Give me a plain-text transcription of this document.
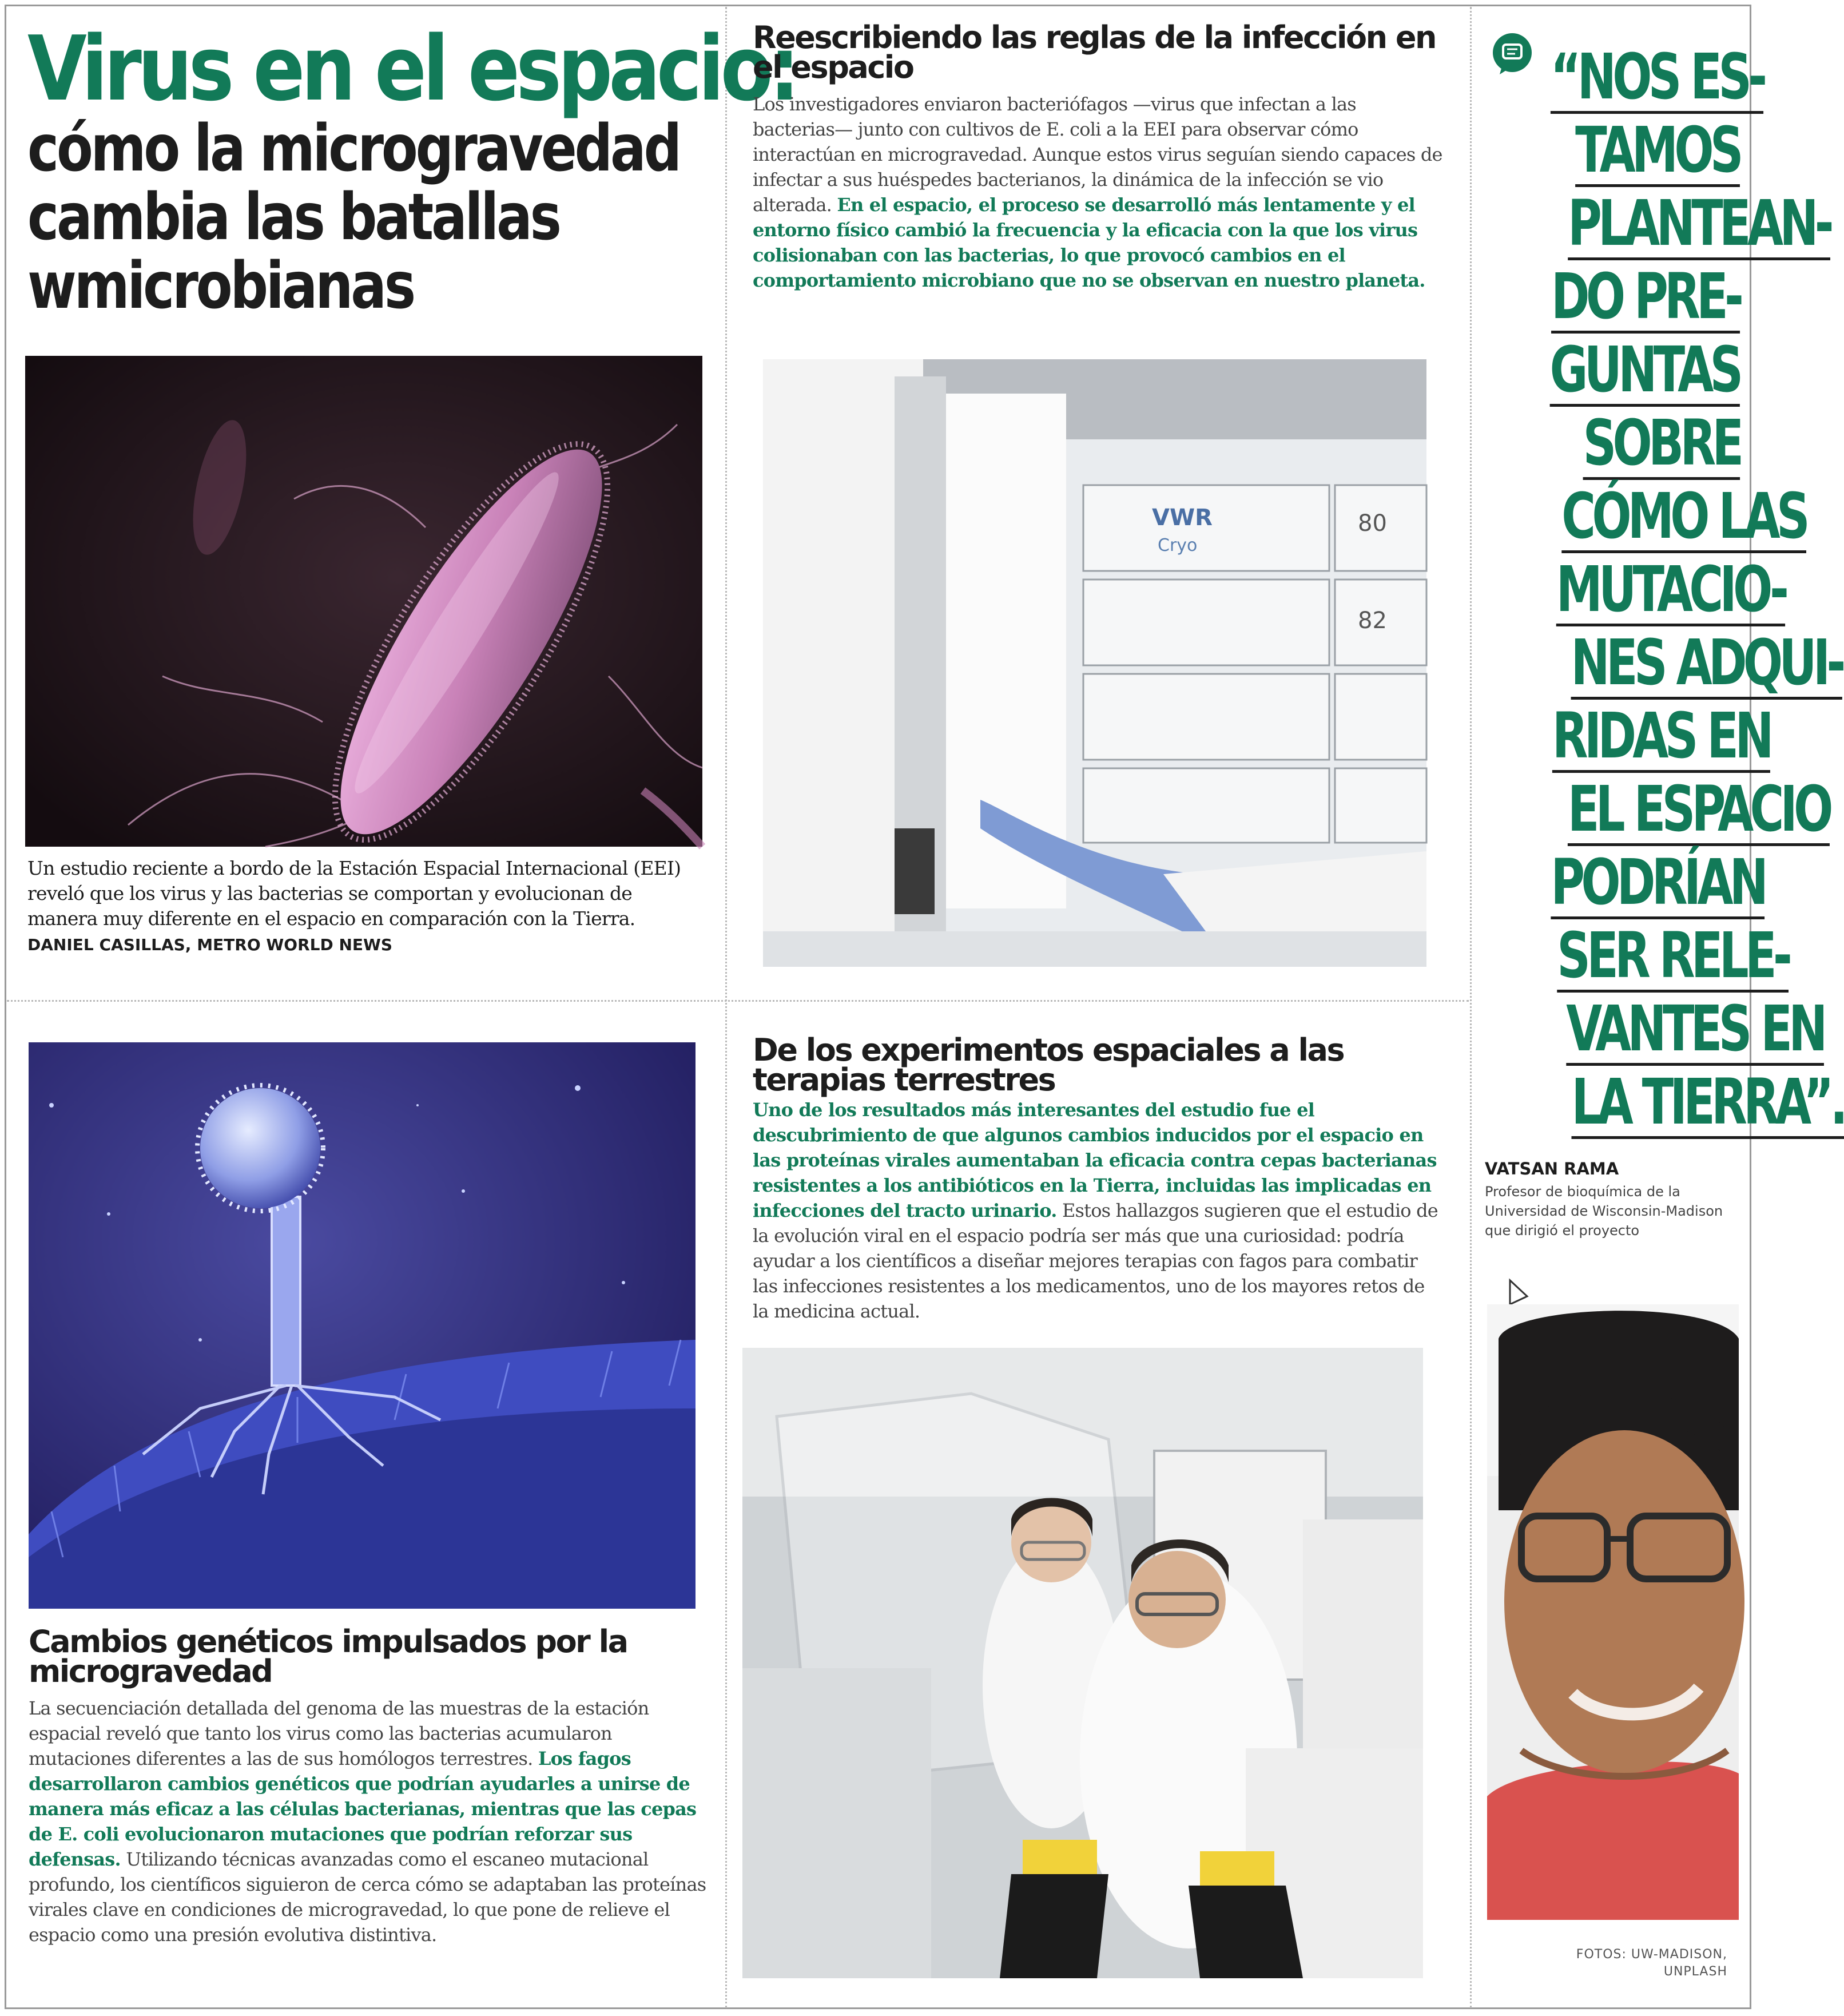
Virus en el espacio:
cómo la microgravedad cambia las batallas wmicrobianas
Un estudio reciente a bordo de la Estación Espacial Internacional (EEI) reveló que los virus y las bacterias se comportan y evolucionan de manera muy diferente en el espacio en comparación con la Tierra. DANIEL CASILLAS, METRO WORLD NEWS
Reescribiendo las reglas de la infección en el espacio
Los investigadores enviaron bacteriófagos —virus que infectan a las bacterias— junto con cultivos de E. coli a la EEI para observar cómo interactúan en microgravedad. Aunque estos virus seguían siendo capaces de infectar a sus huéspedes bacterianos, la dinámica de la infección se vio alterada. En el espacio, el proceso se desarrolló más lentamente y el entorno físico cambió la frecuencia y la eficacia con la que los virus colisionaban con las bacterias, lo que provocó cambios en el comportamiento microbiano que no se observan en nuestro planeta.
VWR
Cryo
80
82
Cambios genéticos impulsados por la microgravedad
La secuenciación detallada del genoma de las muestras de la estación espacial reveló que tanto los virus como las bacterias acumularon mutaciones diferentes a las de sus homólogos terrestres. Los fagos desarrollaron cambios genéticos que podrían ayudarles a unirse de manera más eficaz a las células bacterianas, mientras que las cepas de E. coli evolucionaron mutaciones que podrían reforzar sus defensas. Utilizando técnicas avanzadas como el escaneo mutacional profundo, los científicos siguieron de cerca cómo se adaptaban las proteínas virales clave en condiciones de microgravedad, lo que pone de relieve el espacio como una presión evolutiva distintiva.
De los experimentos espaciales a las terapias terrestres
Uno de los resultados más interesantes del estudio fue el descubrimiento de que algunos cambios inducidos por el espacio en las proteínas virales aumentaban la eficacia contra cepas bacterianas resistentes a los antibióticos en la Tierra, incluidas las implicadas en infecciones del tracto urinario. Estos hallazgos sugieren que el estudio de la evolución viral en el espacio podría ser más que una curiosidad: podría ayudar a los científicos a diseñar mejores terapias con fagos para combatir las infecciones resistentes a los medicamentos, uno de los mayores retos de la medicina actual.
“NOS ES-
TAMOS
PLANTEAN-
DO PRE-
GUNTAS
SOBRE
CÓMO LAS
MUTACIO-
NES ADQUI-
RIDAS EN
EL ESPACIO
PODRÍAN
SER RELE-
VANTES EN
LA TIERRA”.
VATSAN RAMA
Profesor de bioquímica de la Universidad de Wisconsin-Madison que dirigió el proyecto
FOTOS: UW-MADISON, UNPLASH
